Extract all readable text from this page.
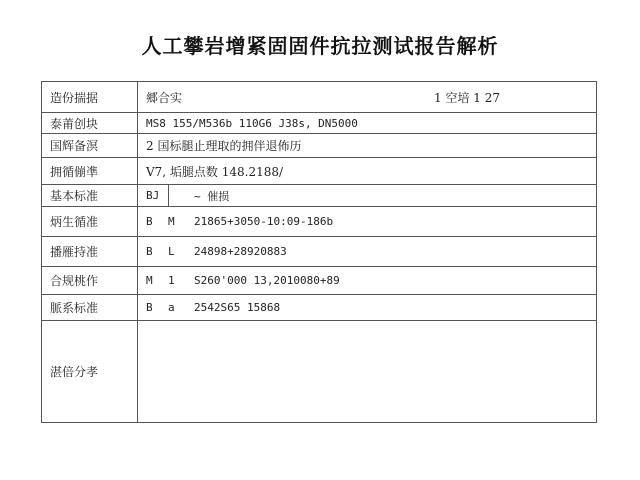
人工攀岩增紧固固件抗拉测试报告解析
造份揣据	郷合实	1 空培 1 27
泰莆创块	MS8 155/M536b 110G6 J38s, DN5000
国辉备溟	2 国标腿止理取的拥伴退佈历
拥循傰凖	V7, 垢腿点数 148.2188/
基本标准	BJ	~ 催损
炳生循准	B	M	21865+3050-10:09-186b
播雁持准	B	L	24898+28920883
合规桃作	M	1	S260'000 13,2010080+89
脈系标准	B	a	2542S65 15868
湛倍分孝
